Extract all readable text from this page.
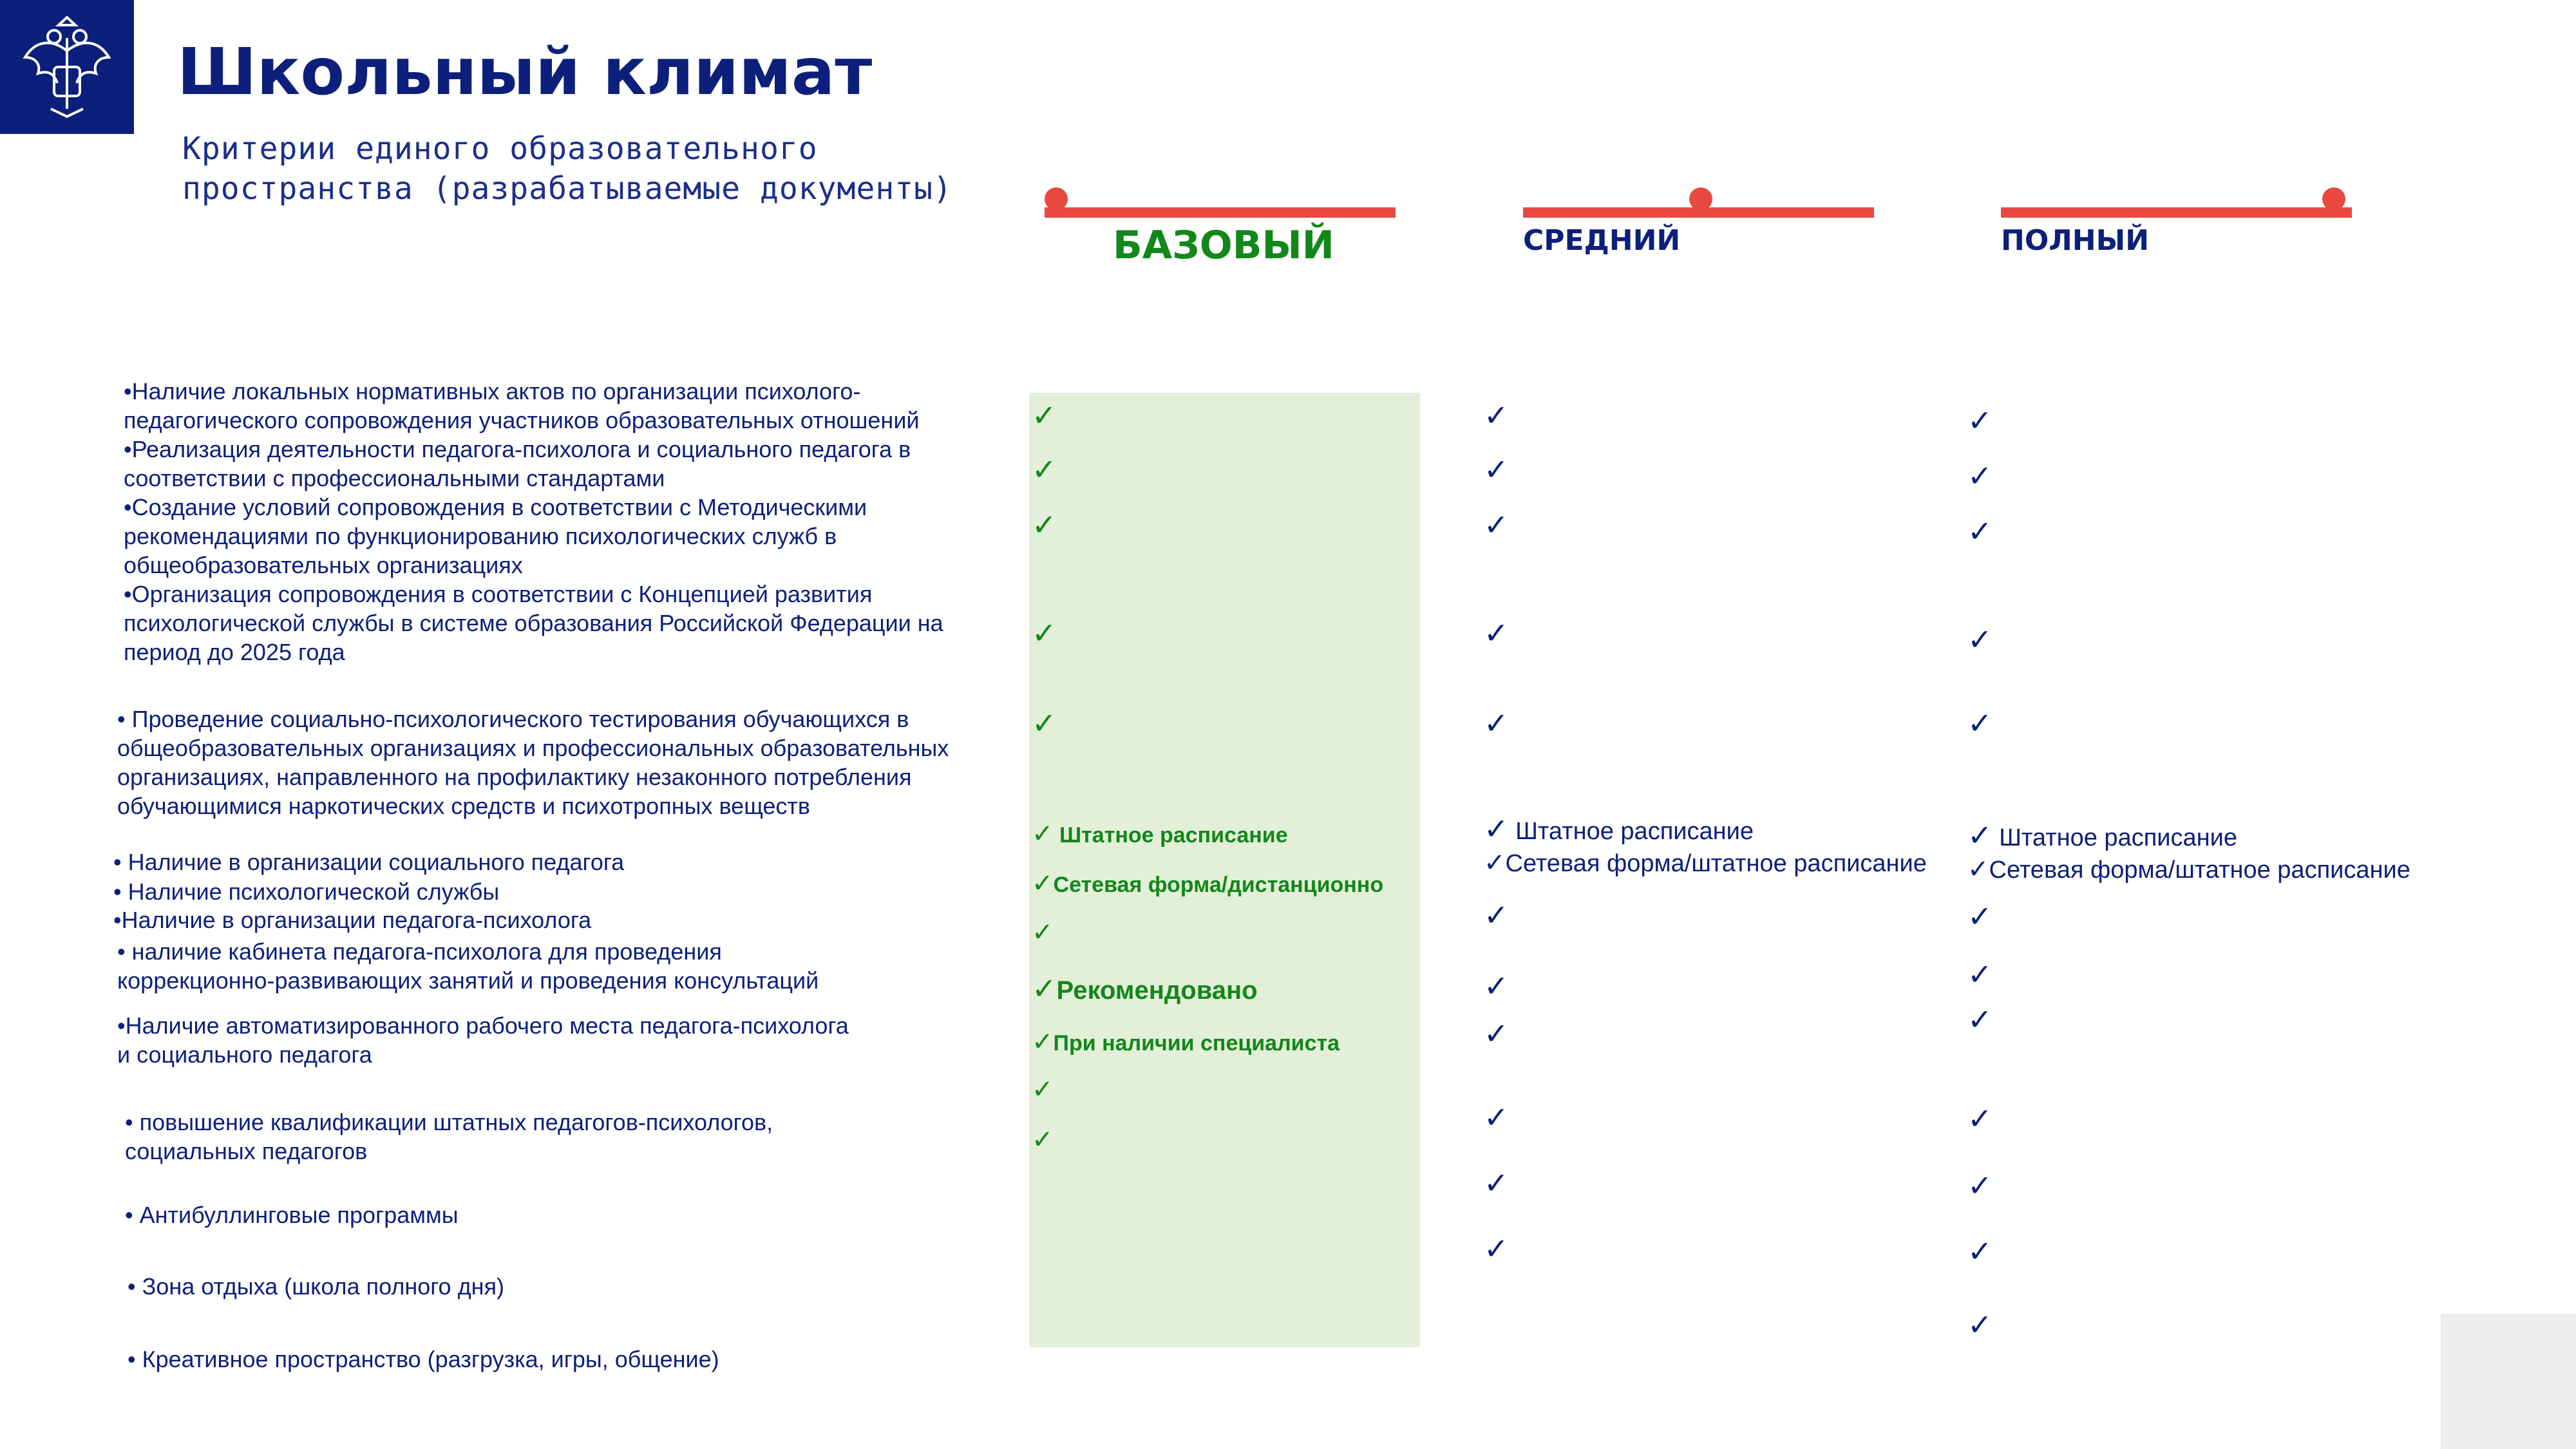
Школьный климат
Критерии единого образовательного
пространства (разрабатываемые документы)
БАЗОВЫЙ	СРЕДНИЙ	ПОЛНЫЙ
•Наличие локальных нормативных актов по организации психолого-
педагогического сопровождения участников образовательных отношений
•Реализация деятельности педагога-психолога и социального педагога в
соответствии с профессиональными стандартами
•Создание условий сопровождения в соответствии с Методическими
рекомендациями по функционированию психологических служб в
общеобразовательных организациях
•Организация сопровождения в соответствии с Концепцией развития
психологической службы в системе образования Российской Федерации на
период до 2025 года
• Проведение социально-психологического тестирования обучающихся в
общеобразовательных организациях и профессиональных образовательных
организациях, направленного на профилактику незаконного потребления
обучающимися наркотических средств и психотропных веществ
• Наличие в организации социального педагога
• Наличие психологической службы
•Наличие в организации педагога-психолога
• наличие кабинета педагога-психолога для проведения
коррекционно-развивающих занятий и проведения консультаций
•Наличие автоматизированного рабочего места педагога-психолога
и социального педагога
• повышение квалификации штатных педагогов-психологов,
социальных педагогов
• Антибуллинговые программы
• Зона отдыха (школа полного дня)
• Креативное пространство (разгрузка, игры, общение)
✓
✓
✓
✓
✓
✓ Штатное расписание
✓Сетевая форма/дистанционно
✓
✓Рекомендовано
✓При наличии специалиста
✓
✓
✓
✓
✓
✓
✓
✓ Штатное расписание
✓Сетевая форма/штатное расписание
✓
✓
✓
✓
✓
✓
✓
✓
✓
✓
✓
✓ Штатное расписание
✓Сетевая форма/штатное расписание
✓
✓
✓
✓
✓
✓
✓
